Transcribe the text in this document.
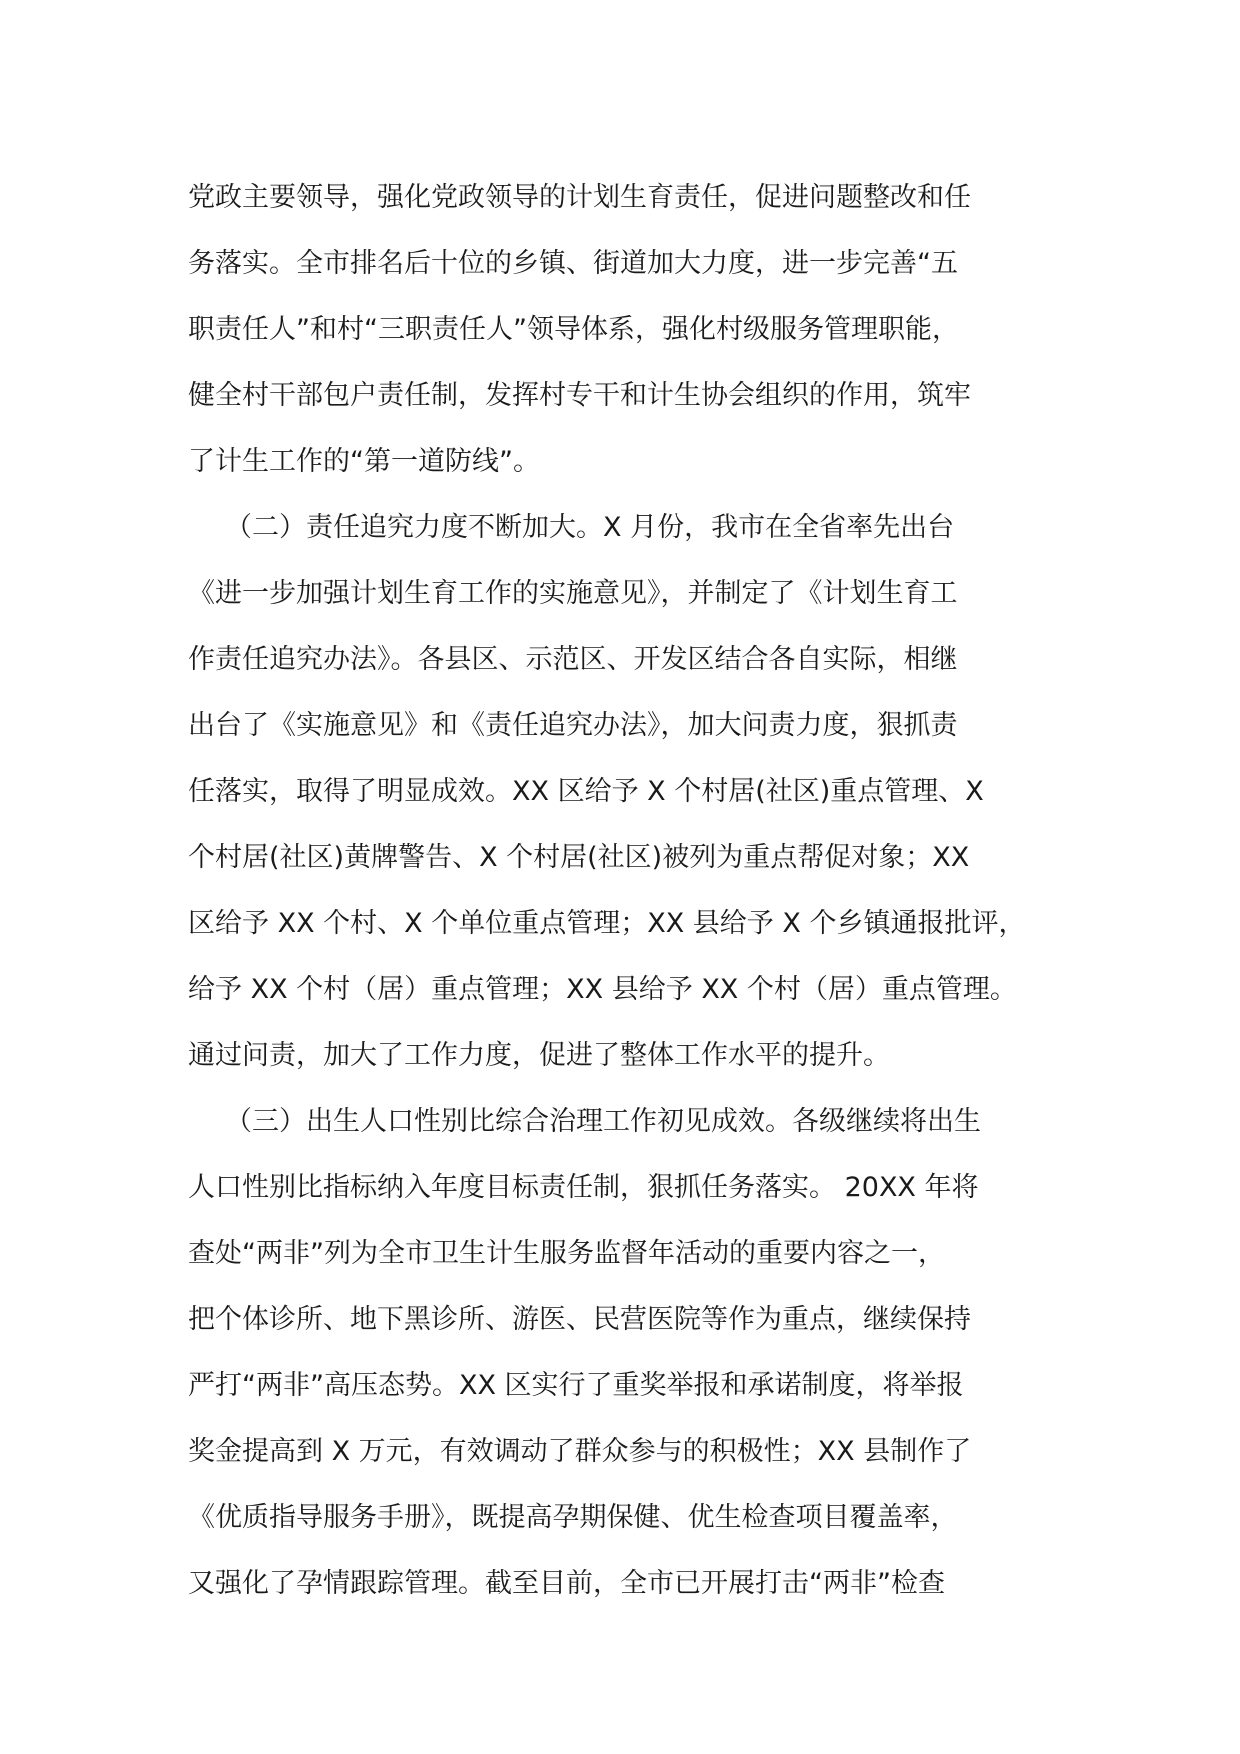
党政主要领导，强化党政领导的计划生育责任，促进问题整改和任
务落实。全市排名后十位的乡镇、街道加大力度，进一步完善“五
职责任人”和村“三职责任人”领导体系，强化村级服务管理职能，
健全村干部包户责任制，发挥村专干和计生协会组织的作用，筑牢
了计生工作的“第一道防线”。
（二）责任追究力度不断加大。X 月份，我市在全省率先出台
《进一步加强计划生育工作的实施意见》，并制定了《计划生育工
作责任追究办法》。各县区、示范区、开发区结合各自实际，相继
出台了《实施意见》和《责任追究办法》，加大问责力度，狠抓责
任落实，取得了明显成效。XX 区给予 X 个村居(社区)重点管理、X
个村居(社区)黄牌警告、X 个村居(社区)被列为重点帮促对象；XX
区给予 XX 个村、X 个单位重点管理；XX 县给予 X 个乡镇通报批评，
给予 XX 个村（居）重点管理；XX 县给予 XX 个村（居）重点管理。
通过问责，加大了工作力度，促进了整体工作水平的提升。
（三）出生人口性别比综合治理工作初见成效。各级继续将出生
人口性别比指标纳入年度目标责任制，狠抓任务落实。 20XX 年将
查处“两非”列为全市卫生计生服务监督年活动的重要内容之一，
把个体诊所、地下黑诊所、游医、民营医院等作为重点，继续保持
严打“两非”高压态势。XX 区实行了重奖举报和承诺制度，将举报
奖金提高到 X 万元，有效调动了群众参与的积极性；XX 县制作了
《优质指导服务手册》，既提高孕期保健、优生检查项目覆盖率，
又强化了孕情跟踪管理。截至目前，全市已开展打击“两非”检查
